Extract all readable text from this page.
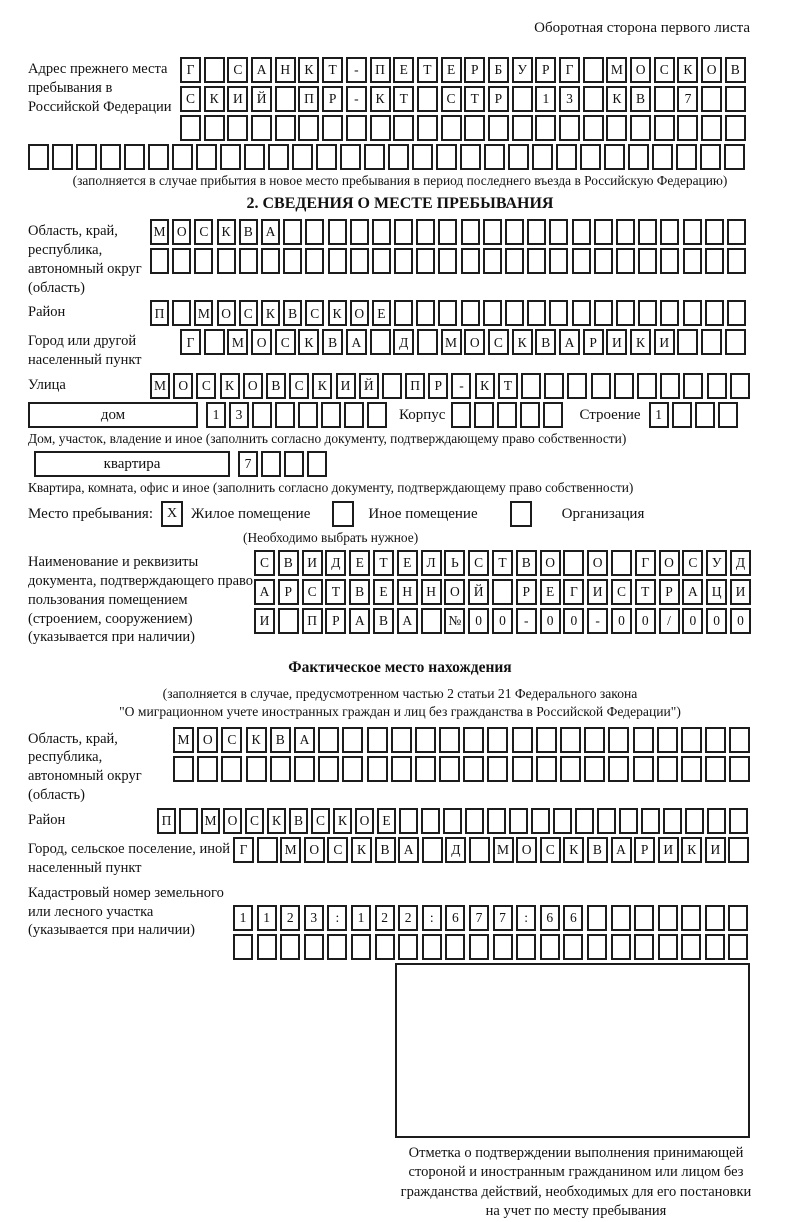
Оборотная сторона первого листа
Адрес прежнего места пребывания в Российской Федерации
Г	С	А	Н	К	Т	-	П	Е	Т	Е	Р	Б	У	Р	Г	М О	С	К	О	В
С	К	И	Й	П	Р	-	К	Т	С	Т	Р	1	3	К	В	7
(заполняется в случае прибытия в новое место пребывания в период последнего въезда в Российскую Федерацию)
2. СВЕДЕНИЯ О МЕСТЕ ПРЕБЫВАНИЯ
Область, край, республика, автономный округ (область)
М О С К В А
Район	П	М О С К В С К О Е
Город или другой населенный пункт
Г	М О	С	К	В	А	Д	М О	С	К	В	А	Р	И	К	И
Улица	М О	С	К	О	В	С	К	И Й	П	Р	-	К	Т
дом	1	3	Корпус	Строение	1
Дом, участок, владение и иное (заполнить согласно документу, подтверждающему право собственности)
квартира	7
Квартира, комната, офис и иное (заполнить согласно документу, подтверждающему право собственности)
Место пребывания: X Жилое помещение	Иное помещение	Организация
(Необходимо выбрать нужное)
Наименование и реквизиты документа, подтверждающего право пользования помещением (строением, сооружением) (указывается при наличии)
С	В	И	Д	Е	Т	Е	Л	Ь	С	Т	В	О	О	Г	О	С	У	Д
А	Р	С	Т	В	Е	Н	Н	О	Й	Р	Е	Г	И	С	Т	Р	А	Ц	И
И	П	Р	А	В	А	№	0	0	-	0	0	-	0	0	/	0	0	0
Фактическое место нахождения
(заполняется в случае, предусмотренном частью 2 статьи 21 Федерального закона
"О миграционном учете иностранных граждан и лиц без гражданства в Российской Федерации")
Область, край, республика, автономный округ (область)
М О	С	К	В	А
Район	П	М О С К В С К О Е
Город, сельское поселение, иной населенный пункт
Г	М О	С	К	В	А	Д	М О	С	К	В	А	Р	И	К	И
Кадастровый номер земельного или лесного участка (указывается при наличии)
1	1	2	3	:	1	2	2	:	6	7	7	:	6	6
Отметка о подтверждении выполнения принимающей стороной и иностранным гражданином или лицом без гражданства действий, необходимых для его постановки на учет по месту пребывания
